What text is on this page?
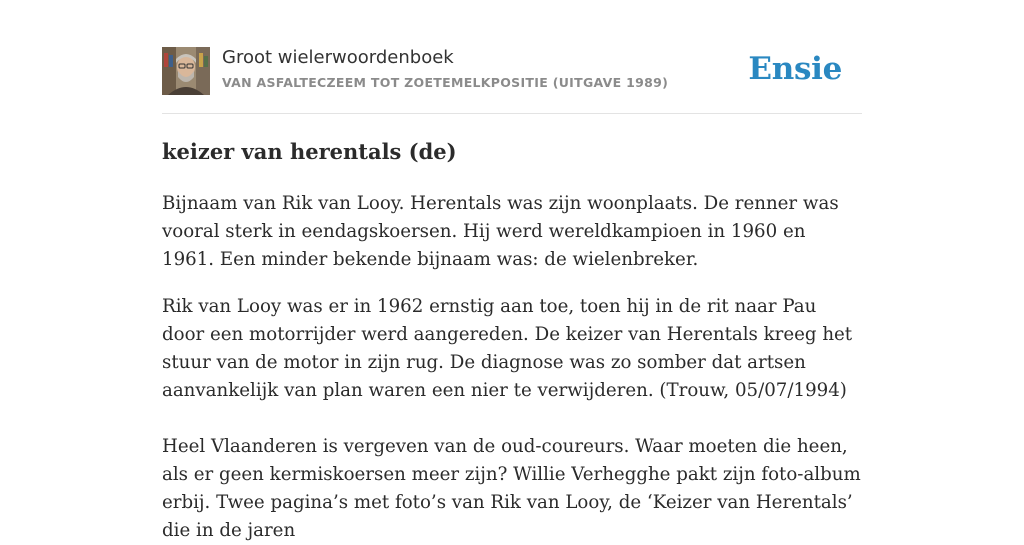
Groot wielerwoordenboek
VAN ASFALTECZEEM TOT ZOETEMELKPOSITIE (UITGAVE 1989)	Ensie
keizer van herentals (de)

Bijnaam van Rik van Looy. Herentals was zijn woonplaats. De renner was vooral sterk in eendagskoersen. Hij werd wereldkampioen in 1960 en 1961. Een minder bekende bijnaam was: de wielenbreker.

Rik van Looy was er in 1962 ernstig aan toe, toen hij in de rit naar Pau door een motorrijder werd aangereden. De keizer van Herentals kreeg het stuur van de motor in zijn rug. De diagnose was zo somber dat artsen aanvankelijk van plan waren een nier te verwijderen. (Trouw, 05/07/1994)

Heel Vlaanderen is vergeven van de oud-coureurs. Waar moeten die heen, als er geen kermiskoersen meer zijn? Willie Verhegghe pakt zijn foto-album erbij. Twee pagina’s met foto’s van Rik van Looy, de ‘Keizer van Herentals’ die in de jaren
